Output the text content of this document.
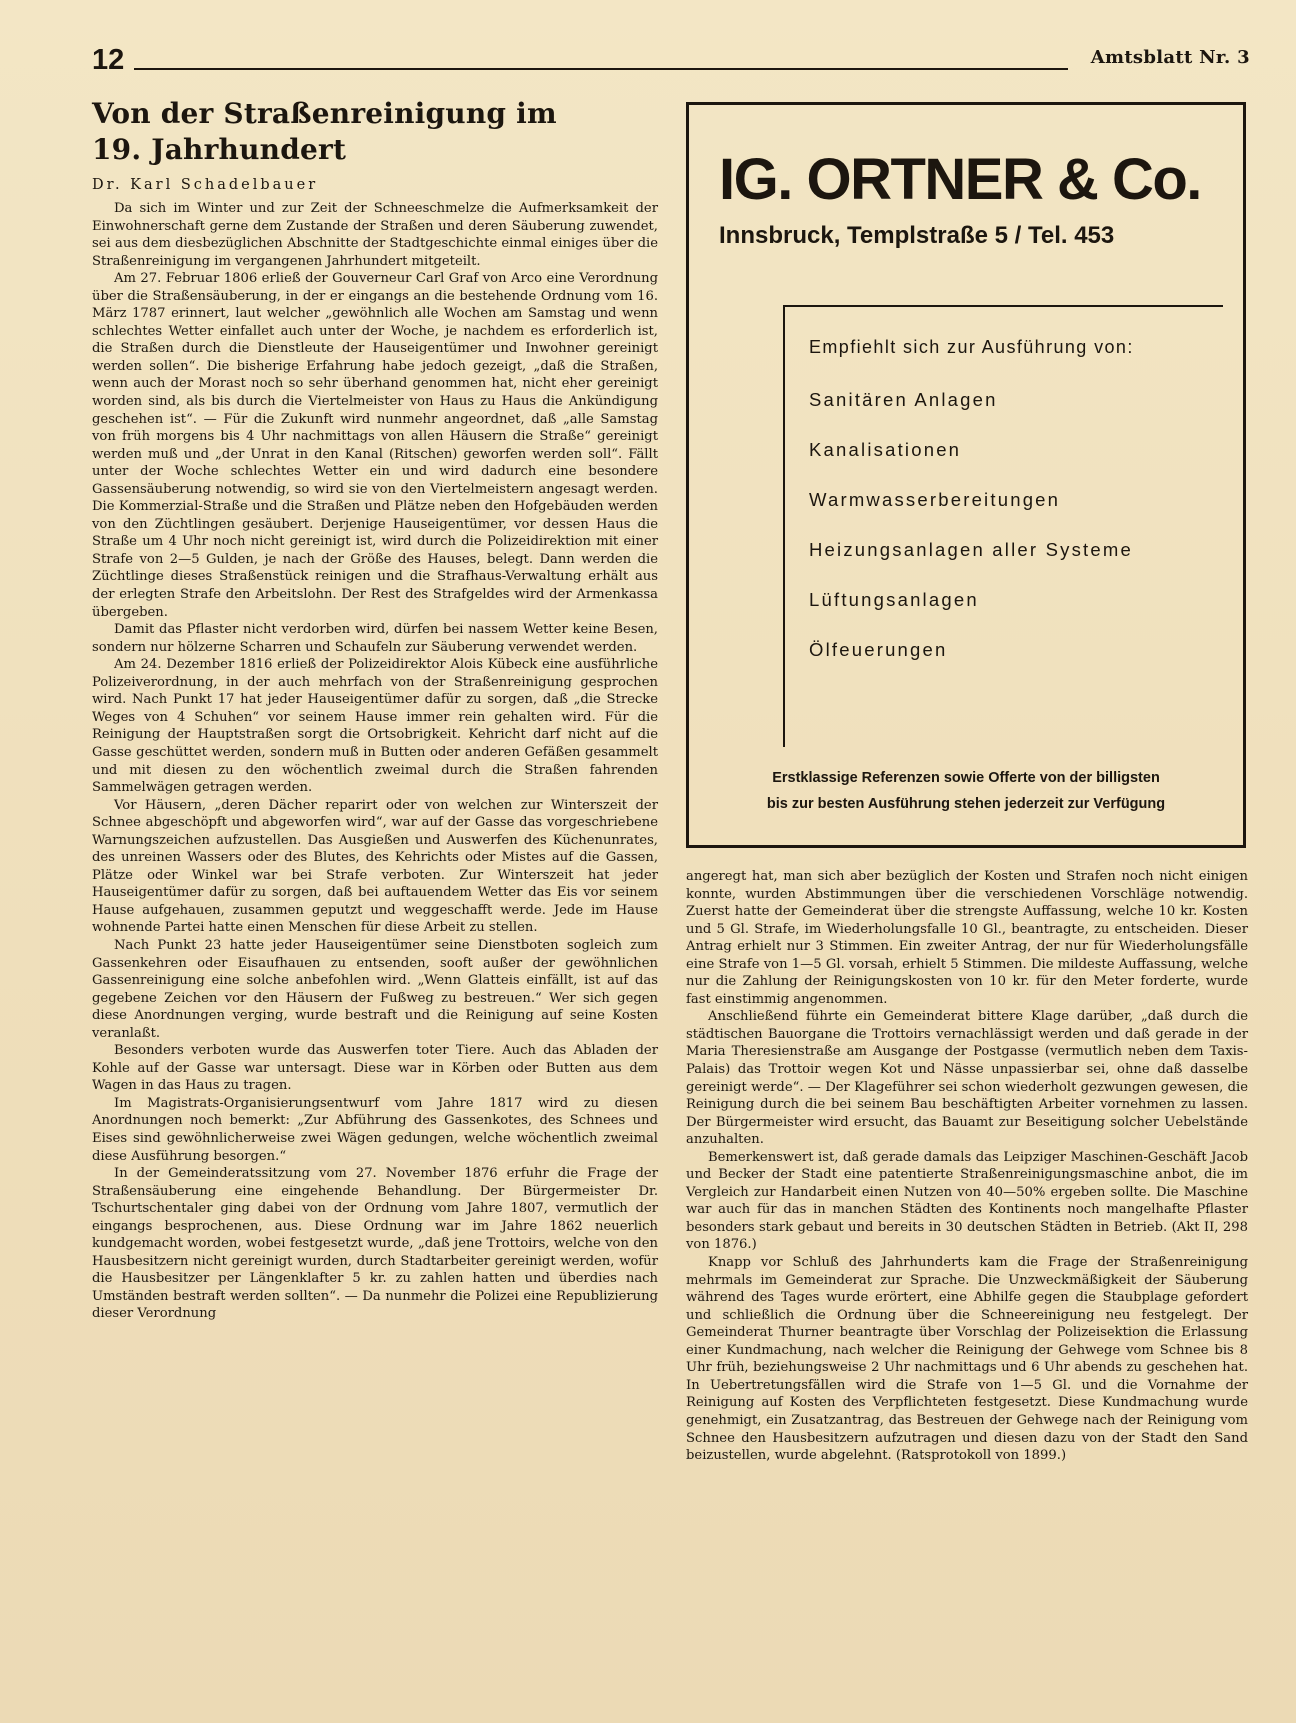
12	Amtsblatt Nr. 3
Von der Straßenreinigung im
19. Jahrhundert
Dr. Karl Schadelbauer

Da sich im Winter und zur Zeit der Schneeschmelze die Aufmerksamkeit der Einwohnerschaft gerne dem Zustande der Straßen und deren Säuberung zuwendet, sei aus dem diesbezüglichen Abschnitte der Stadtgeschichte einmal einiges über die Straßenreinigung im vergangenen Jahrhundert mitgeteilt.

Am 27. Februar 1806 erließ der Gouverneur Carl Graf von Arco eine Verordnung über die Straßensäuberung, in der er eingangs an die bestehende Ordnung vom 16. März 1787 erinnert, laut welcher „gewöhnlich alle Wochen am Samstag und wenn schlechtes Wetter einfallet auch unter der Woche, je nachdem es erforderlich ist, die Straßen durch die Dienstleute der Hauseigentümer und Inwohner gereinigt werden sollen“. Die bisherige Erfahrung habe jedoch gezeigt, „daß die Straßen, wenn auch der Morast noch so sehr überhand genommen hat, nicht eher gereinigt worden sind, als bis durch die Viertelmeister von Haus zu Haus die Ankündigung geschehen ist“. — Für die Zukunft wird nunmehr angeordnet, daß „alle Samstag von früh morgens bis 4 Uhr nachmittags von allen Häusern die Straße“ gereinigt werden muß und „der Unrat in den Kanal (Ritschen) geworfen werden soll“. Fällt unter der Woche schlechtes Wetter ein und wird dadurch eine besondere Gassensäuberung notwendig, so wird sie von den Viertelmeistern angesagt werden. Die Kommerzial-Straße und die Straßen und Plätze neben den Hofgebäuden werden von den Züchtlingen gesäubert. Derjenige Hauseigentümer, vor dessen Haus die Straße um 4 Uhr noch nicht gereinigt ist, wird durch die Polizeidirektion mit einer Strafe von 2—5 Gulden, je nach der Größe des Hauses, belegt. Dann werden die Züchtlinge dieses Straßenstück reinigen und die Strafhaus-Verwaltung erhält aus der erlegten Strafe den Arbeitslohn. Der Rest des Strafgeldes wird der Armenkassa übergeben.

Damit das Pflaster nicht verdorben wird, dürfen bei nassem Wetter keine Besen, sondern nur hölzerne Scharren und Schaufeln zur Säuberung verwendet werden.

Am 24. Dezember 1816 erließ der Polizeidirektor Alois Kübeck eine ausführliche Polizeiverordnung, in der auch mehrfach von der Straßenreinigung gesprochen wird. Nach Punkt 17 hat jeder Hauseigentümer dafür zu sorgen, daß „die Strecke Weges von 4 Schuhen“ vor seinem Hause immer rein gehalten wird. Für die Reinigung der Hauptstraßen sorgt die Ortsobrigkeit. Kehricht darf nicht auf die Gasse geschüttet werden, sondern muß in Butten oder anderen Gefäßen gesammelt und mit diesen zu den wöchentlich zweimal durch die Straßen fahrenden Sammelwägen getragen werden.

Vor Häusern, „deren Dächer reparirt oder von welchen zur Winterszeit der Schnee abgeschöpft und abgeworfen wird“, war auf der Gasse das vorgeschriebene Warnungszeichen aufzustellen. Das Ausgießen und Auswerfen des Küchenunrates, des unreinen Wassers oder des Blutes, des Kehrichts oder Mistes auf die Gassen, Plätze oder Winkel war bei Strafe verboten. Zur Winterszeit hat jeder Hauseigentümer dafür zu sorgen, daß bei auftauendem Wetter das Eis vor seinem Hause aufgehauen, zusammen geputzt und weggeschafft werde. Jede im Hause wohnende Partei hatte einen Menschen für diese Arbeit zu stellen.

Nach Punkt 23 hatte jeder Hauseigentümer seine Dienstboten sogleich zum Gassenkehren oder Eisaufhauen zu entsenden, sooft außer der gewöhnlichen Gassenreinigung eine solche anbefohlen wird. „Wenn Glatteis einfällt, ist auf das gegebene Zeichen vor den Häusern der Fußweg zu bestreuen.“ Wer sich gegen diese Anordnungen verging, wurde bestraft und die Reinigung auf seine Kosten veranlaßt.

Besonders verboten wurde das Auswerfen toter Tiere. Auch das Abladen der Kohle auf der Gasse war untersagt. Diese war in Körben oder Butten aus dem Wagen in das Haus zu tragen.

Im Magistrats-Organisierungsentwurf vom Jahre 1817 wird zu diesen Anordnungen noch bemerkt: „Zur Abführung des Gassenkotes, des Schnees und Eises sind gewöhnlicherweise zwei Wägen gedungen, welche wöchentlich zweimal diese Ausführung besorgen.“

In der Gemeinderatssitzung vom 27. November 1876 erfuhr die Frage der Straßensäuberung eine eingehende Behandlung. Der Bürgermeister Dr. Tschurtschentaler ging dabei von der Ordnung vom Jahre 1807, vermutlich der eingangs besprochenen, aus. Diese Ordnung war im Jahre 1862 neuerlich kundgemacht worden, wobei festgesetzt wurde, „daß jene Trottoirs, welche von den Hausbesitzern nicht gereinigt wurden, durch Stadtarbeiter gereinigt werden, wofür die Hausbesitzer per Längenklafter 5 kr. zu zahlen hatten und überdies nach Umständen bestraft werden sollten“. — Da nunmehr die Polizei eine Republizierung dieser Verordnung

IG. ORTNER & Co.
Innsbruck, Templstraße 5 / Tel. 453
Empfiehlt sich zur Ausführung von:
Sanitären Anlagen
Kanalisationen
Warmwasserbereitungen
Heizungsanlagen aller Systeme
Lüftungsanlagen
Ölfeuerungen
Erstklassige Referenzen sowie Offerte von der billigsten
bis zur besten Ausführung stehen jederzeit zur Verfügung

angeregt hat, man sich aber bezüglich der Kosten und Strafen noch nicht einigen konnte, wurden Abstimmungen über die verschiedenen Vorschläge notwendig. Zuerst hatte der Gemeinderat über die strengste Auffassung, welche 10 kr. Kosten und 5 Gl. Strafe, im Wiederholungsfalle 10 Gl., beantragte, zu entscheiden. Dieser Antrag erhielt nur 3 Stimmen. Ein zweiter Antrag, der nur für Wiederholungsfälle eine Strafe von 1—5 Gl. vorsah, erhielt 5 Stimmen. Die mildeste Auffassung, welche nur die Zahlung der Reinigungskosten von 10 kr. für den Meter forderte, wurde fast einstimmig angenommen.

Anschließend führte ein Gemeinderat bittere Klage darüber, „daß durch die städtischen Bauorgane die Trottoirs vernachlässigt werden und daß gerade in der Maria Theresienstraße am Ausgange der Postgasse (vermutlich neben dem Taxis-Palais) das Trottoir wegen Kot und Nässe unpassierbar sei, ohne daß dasselbe gereinigt werde“. — Der Klageführer sei schon wiederholt gezwungen gewesen, die Reinigung durch die bei seinem Bau beschäftigten Arbeiter vornehmen zu lassen. Der Bürgermeister wird ersucht, das Bauamt zur Beseitigung solcher Uebelstände anzuhalten.

Bemerkenswert ist, daß gerade damals das Leipziger Maschinen-Geschäft Jacob und Becker der Stadt eine patentierte Straßenreinigungsmaschine anbot, die im Vergleich zur Handarbeit einen Nutzen von 40—50% ergeben sollte. Die Maschine war auch für das in manchen Städten des Kontinents noch mangelhafte Pflaster besonders stark gebaut und bereits in 30 deutschen Städten in Betrieb. (Akt II, 298 von 1876.)

Knapp vor Schluß des Jahrhunderts kam die Frage der Straßenreinigung mehrmals im Gemeinderat zur Sprache. Die Unzweckmäßigkeit der Säuberung während des Tages wurde erörtert, eine Abhilfe gegen die Staubplage gefordert und schließlich die Ordnung über die Schneereinigung neu festgelegt. Der Gemeinderat Thurner beantragte über Vorschlag der Polizeisektion die Erlassung einer Kundmachung, nach welcher die Reinigung der Gehwege vom Schnee bis 8 Uhr früh, beziehungsweise 2 Uhr nachmittags und 6 Uhr abends zu geschehen hat. In Uebertretungsfällen wird die Strafe von 1—5 Gl. und die Vornahme der Reinigung auf Kosten des Verpflichteten festgesetzt. Diese Kundmachung wurde genehmigt, ein Zusatzantrag, das Bestreuen der Gehwege nach der Reinigung vom Schnee den Hausbesitzern aufzutragen und diesen dazu von der Stadt den Sand beizustellen, wurde abgelehnt. (Ratsprotokoll von 1899.)
